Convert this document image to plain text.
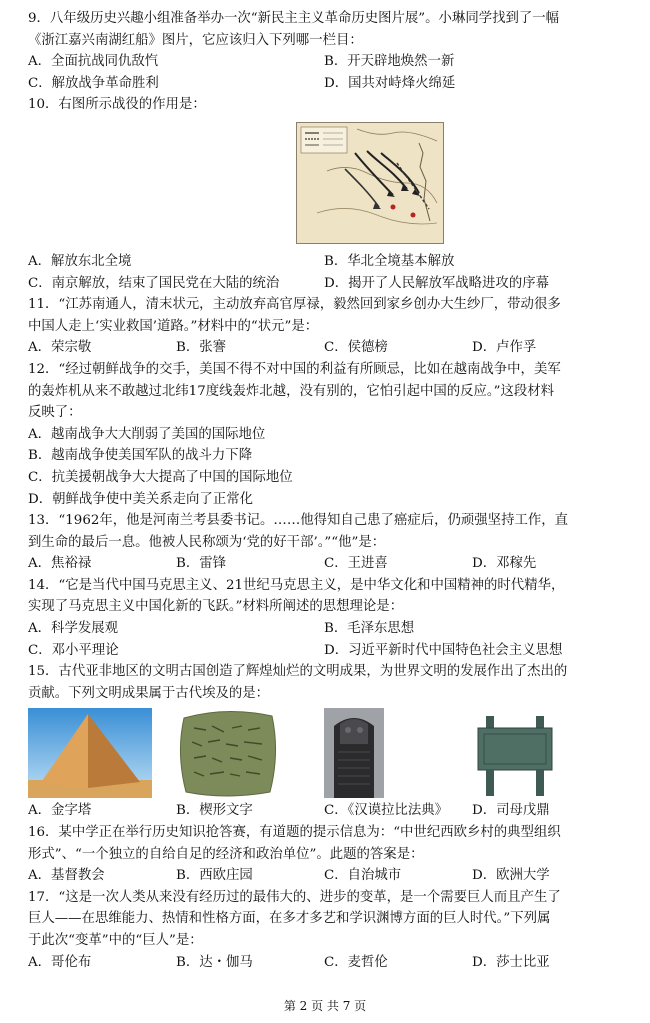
9．八年级历史兴趣小组准备举办一次“新民主主义革命历史图片展”。小琳同学找到了一幅
《浙江嘉兴南湖红船》图片，它应该归入下列哪一栏目：
A．全面抗战同仇敌忾	B．开天辟地焕然一新
C．解放战争革命胜利	D．国共对峙烽火绵延
10．右图所示战役的作用是：
A．解放东北全境	B．华北全境基本解放
C．南京解放，结束了国民党在大陆的统治	D．揭开了人民解放军战略进攻的序幕
11．“江苏南通人，清末状元，主动放弃高官厚禄，毅然回到家乡创办大生纱厂，带动很多
中国人走上‘实业救国’道路。”材料中的“状元”是：
A．荣宗敬	B．张謇	C．侯德榜	D．卢作孚
12．“经过朝鲜战争的交手，美国不得不对中国的利益有所顾忌，比如在越南战争中，美军
的轰炸机从来不敢越过北纬17度线轰炸北越，没有别的，它怕引起中国的反应。”这段材料
反映了：
A．越南战争大大削弱了美国的国际地位
B．越南战争使美国军队的战斗力下降
C．抗美援朝战争大大提高了中国的国际地位
D．朝鲜战争使中美关系走向了正常化
13．“1962年，他是河南兰考县委书记。……他得知自己患了癌症后，仍顽强坚持工作，直
到生命的最后一息。他被人民称颂为‘党的好干部’。”“他”是：
A．焦裕禄	B．雷锋	C．王进喜	D．邓稼先
14．“它是当代中国马克思主义、21世纪马克思主义，是中华文化和中国精神的时代精华，
实现了马克思主义中国化新的飞跃。”材料所阐述的思想理论是：
A．科学发展观	B．毛泽东思想
C．邓小平理论	D．习近平新时代中国特色社会主义思想
15．古代亚非地区的文明古国创造了辉煌灿烂的文明成果，为世界文明的发展作出了杰出的
贡献。下列文明成果属于古代埃及的是：
A．金字塔	B．楔形文字	C．《汉谟拉比法典》	D．司母戊鼎
16．某中学正在举行历史知识抢答赛，有道题的提示信息为：“中世纪西欧乡村的典型组织
形式”、“一个独立的自给自足的经济和政治单位”。此题的答案是：
A．基督教会	B．西欧庄园	C．自治城市	D．欧洲大学
17．“这是一次人类从来没有经历过的最伟大的、进步的变革，是一个需要巨人而且产生了
巨人——在思维能力、热情和性格方面，在多才多艺和学识渊博方面的巨人时代。”下列属
于此次“变革”中的“巨人”是：
A．哥伦布	B．达・伽马	C．麦哲伦	D．莎士比亚
第 2 页 共 7 页
